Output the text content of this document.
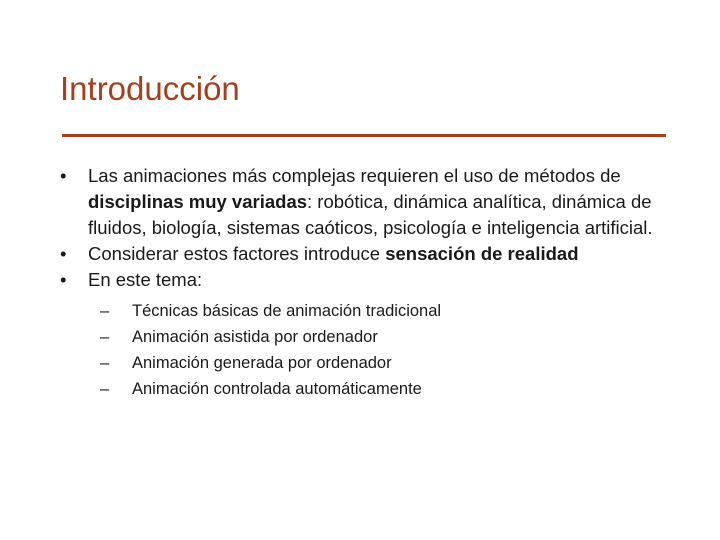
Introducción
• Las animaciones más complejas requieren el uso de métodos de disciplinas muy variadas: robótica, dinámica analítica, dinámica de fluidos, biología, sistemas caóticos, psicología e inteligencia artificial.
• Considerar estos factores introduce sensación de realidad
• En este tema:
– Técnicas básicas de animación tradicional
– Animación asistida por ordenador
– Animación generada por ordenador
– Animación controlada automáticamente
